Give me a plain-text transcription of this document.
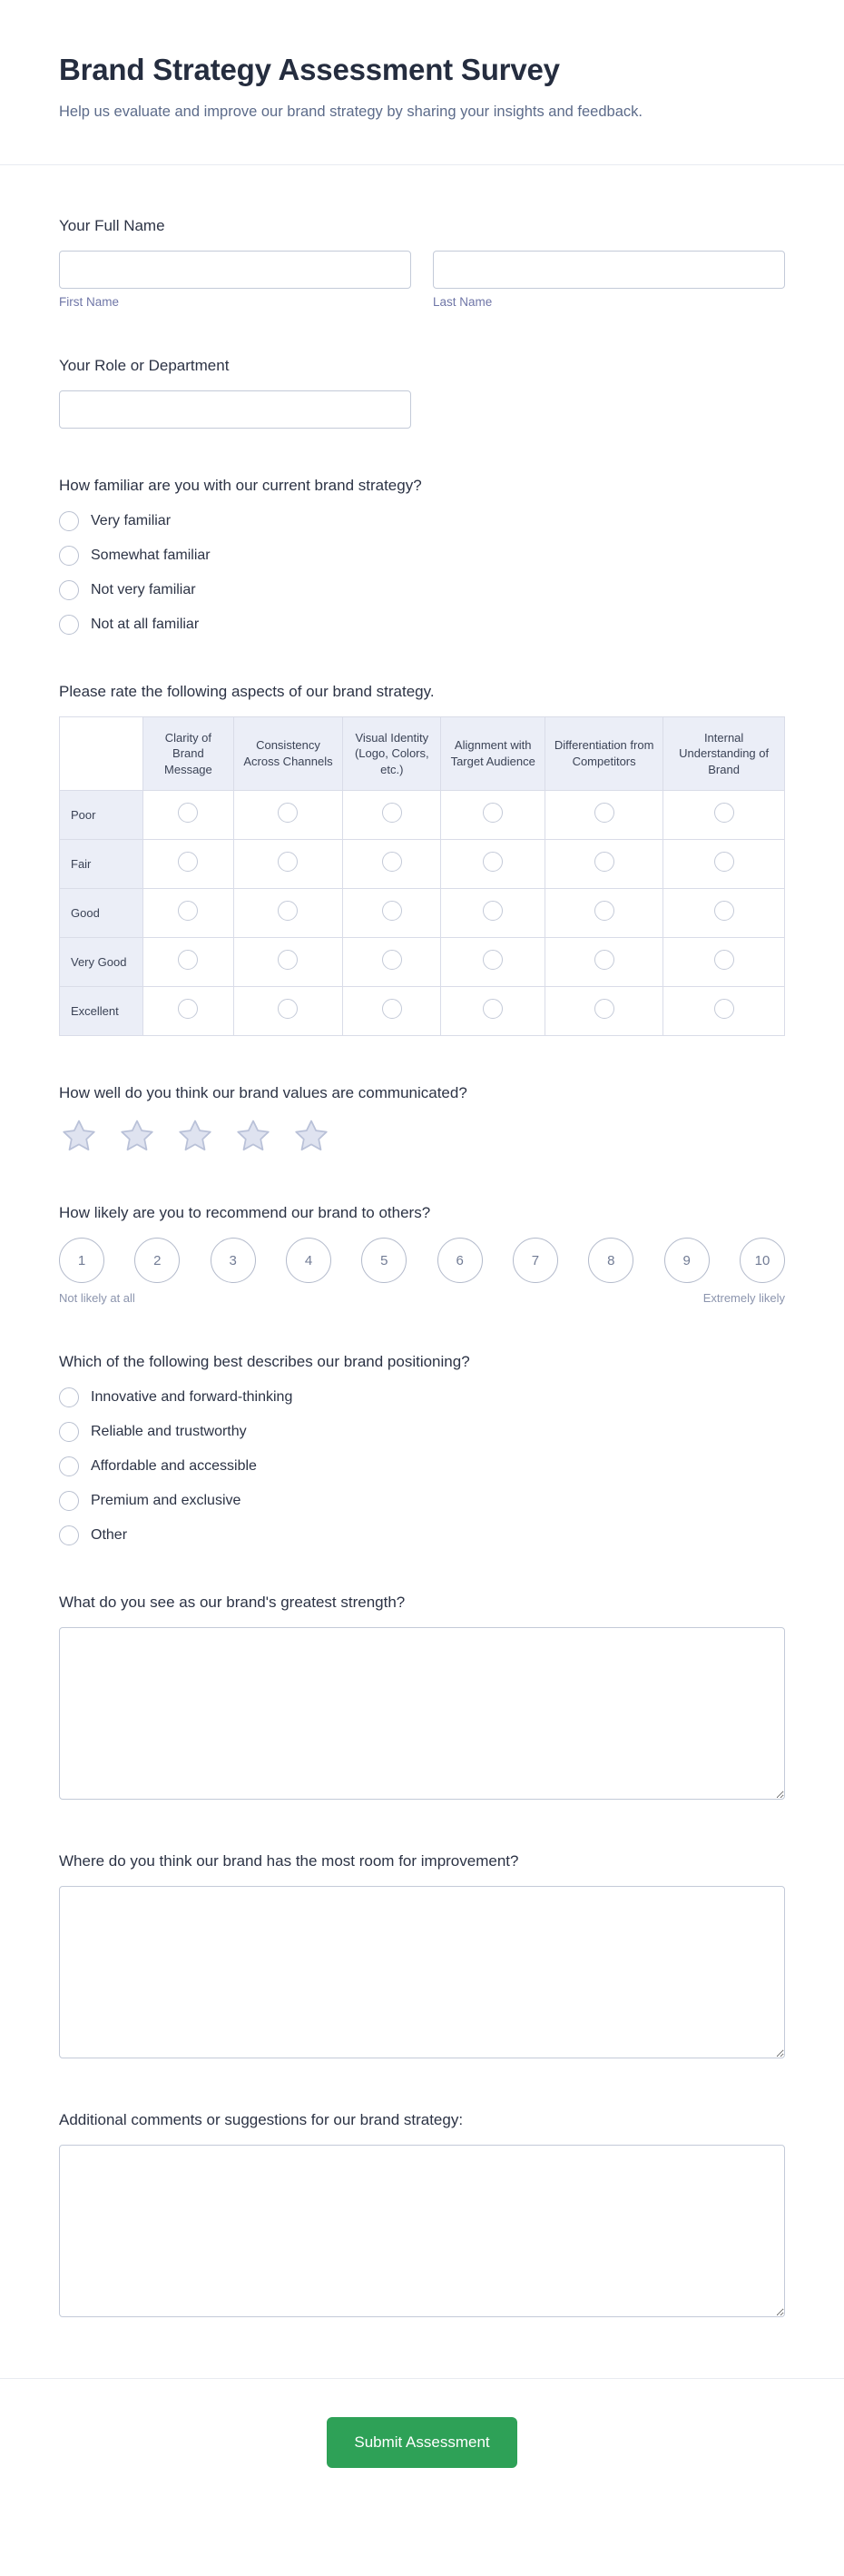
Brand Strategy Assessment Survey

Help us evaluate and improve our brand strategy by sharing your insights and feedback.

Your Full Name
First Name	Last Name
Your Role or Department
How familiar are you with our current brand strategy?
Very familiar
Somewhat familiar
Not very familiar
Not at all familiar
Please rate the following aspects of our brand strategy.
	Clarity of Brand Message	Consistency Across Channels	Visual Identity (Logo, Colors, etc.)	Alignment with Target Audience	Differentiation from Competitors	Internal Understanding of Brand
Poor						
Fair						
Good						
Very Good						
Excellent						
How well do you think our brand values are communicated?
How likely are you to recommend our brand to others?
1	2	3	4	5	6	7	8	9	10
Not likely at all	Extremely likely
Which of the following best describes our brand positioning?
Innovative and forward-thinking
Reliable and trustworthy
Affordable and accessible
Premium and exclusive
Other
What do you see as our brand's greatest strength?
Where do you think our brand has the most room for improvement?
Additional comments or suggestions for our brand strategy:
Submit Assessment
